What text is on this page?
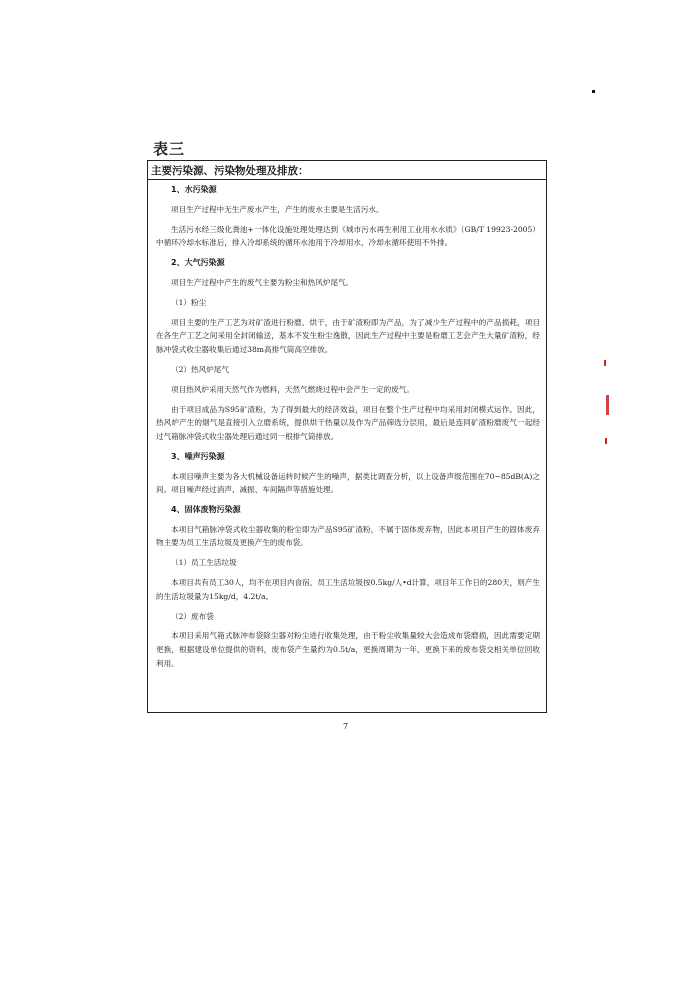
表三
主要污染源、污染物处理及排放：
1、水污染源

项目生产过程中无生产废水产生，产生的废水主要是生活污水。

生活污水经三级化粪池+一体化设施处理处理达到《城市污水再生利用工业用水水质》（GB/T 19923-2005）中循环冷却水标准后，排入冷却系统的循环水池用于冷却用水，冷却水循环使用不外排。

2、大气污染源

项目生产过程中产生的废气主要为粉尘和热风炉尾气。

（1）粉尘

项目主要的生产工艺为对矿渣进行粉磨、烘干，由于矿渣粉即为产品，为了减少生产过程中的产品损耗，项目在各生产工艺之间采用全封闭输送，基本不发生粉尘逸散，因此生产过程中主要是粉磨工艺会产生大量矿渣粉，经脉冲袋式收尘器收集后通过38m高排气筒高空排放。

（2）热风炉尾气

项目热风炉采用天然气作为燃料，天然气燃烧过程中会产生一定的废气。

由于项目成品为S95矿渣粉，为了得到最大的经济效益，项目在整个生产过程中均采用封闭模式运作。因此，热风炉产生的烟气是直接引入立磨系统，提供烘干热量以及作为产品筛选分层用，最后是连同矿渣粉磨废气一起经过气箱脉冲袋式收尘器处理后通过同一根排气筒排放。

3、噪声污染源

本项目噪声主要为各大机械设备运转时候产生的噪声，据类比调查分析，以上设备声级范围在70~85dB(A)之间。项目噪声经过消声、减振、车间隔声等措施处理。

4、固体废物污染源

本项目气箱脉冲袋式收尘器收集的粉尘即为产品S95矿渣粉，不属于固体废弃物，因此本项目产生的固体废弃物主要为员工生活垃圾及更换产生的废布袋。

（1）员工生活垃圾

本项目共有员工30人，均不在项目内食宿，员工生活垃圾按0.5kg/人•d计算，项目年工作日的280天，则产生的生活垃圾量为15kg/d，4.2t/a。

（2）废布袋

本项目采用气箱式脉冲布袋除尘器对粉尘进行收集处理，由于粉尘收集量较大会造成布袋磨损，因此需要定期更换，根据建设单位提供的资料，废布袋产生量约为0.5t/a，更换周期为一年，更换下来的废布袋交相关单位回收利用。

7
